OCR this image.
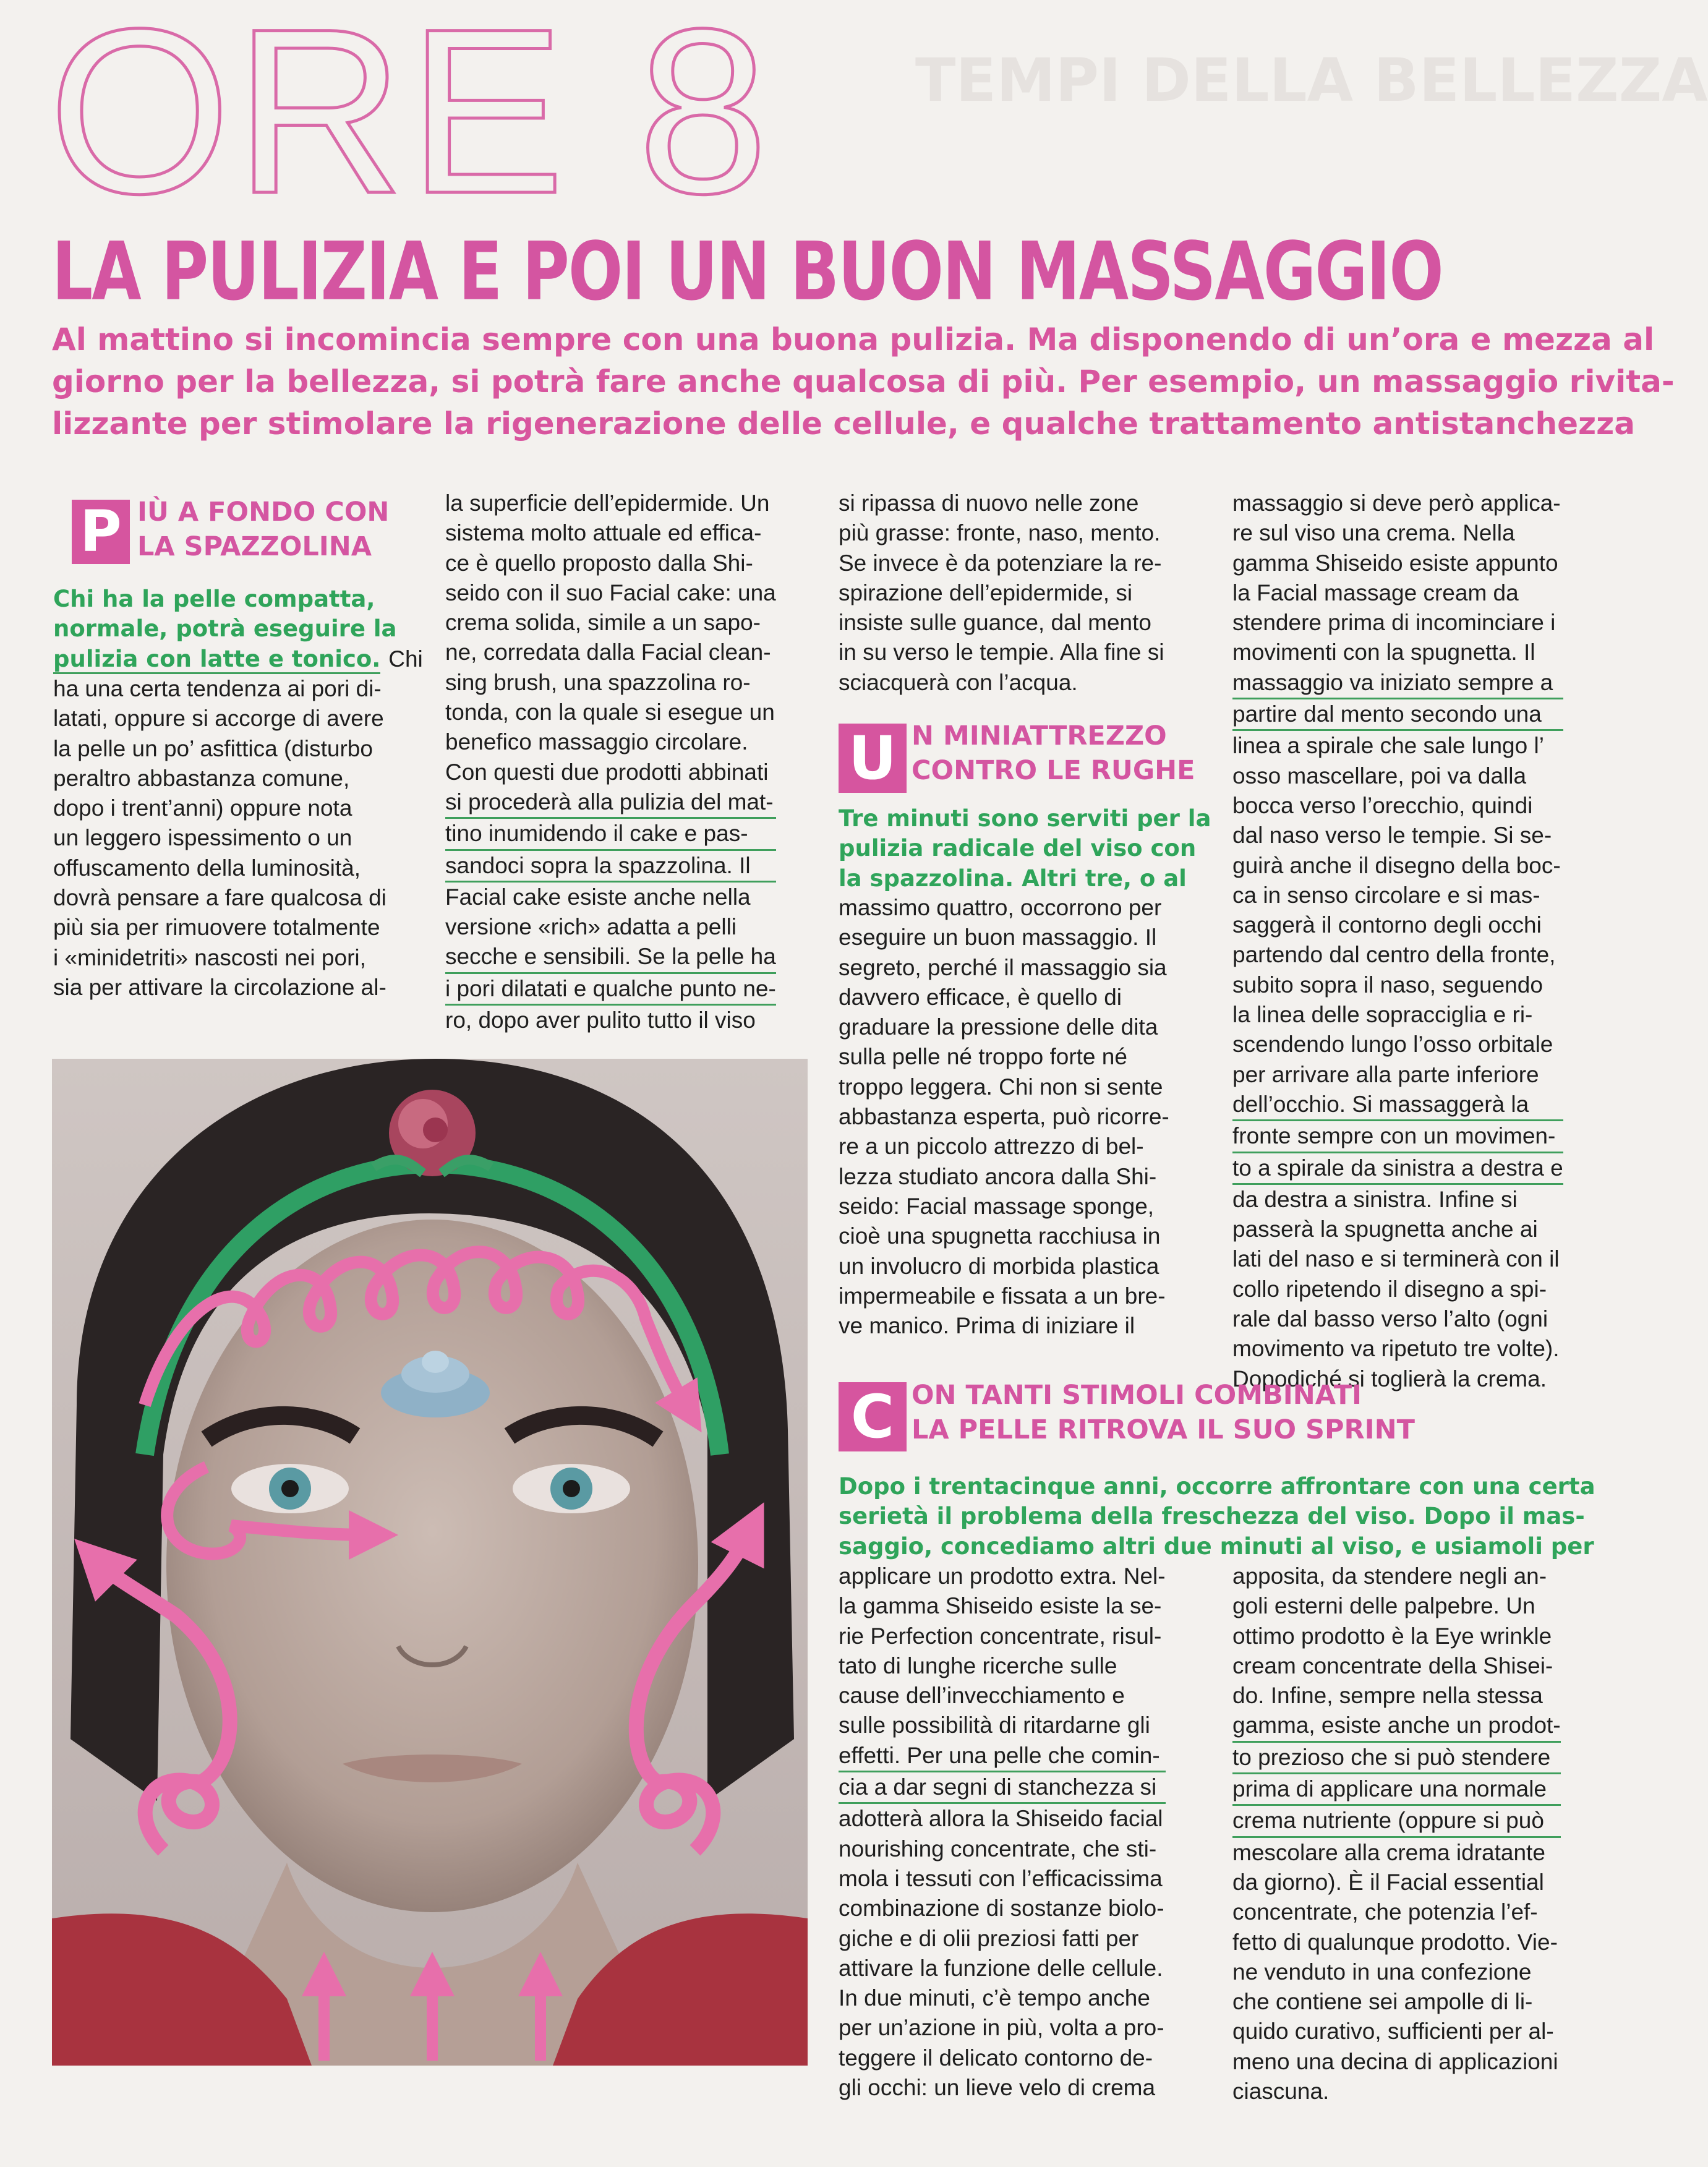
ORE 8 TEMPI DELLA BELLEZZA
LA PULIZIA E POI UN BUON MASSAGGIO
Al mattino si incomincia sempre con una buona pulizia. Ma disponendo di un’ora e mezza al
giorno per la bellezza, si potrà fare anche qualcosa di più. Per esempio, un massaggio rivita-
lizzante per stimolare la rigenerazione delle cellule, e qualche trattamento antistanchezza
P IÙ A FONDO CON
LA SPAZZOLINA
Chi ha la pelle compatta,
normale, potrà eseguire la
pulizia con latte e tonico. Chi
ha una certa tendenza ai pori di-
latati, oppure si accorge di avere
la pelle un po’ asfittica (disturbo
peraltro abbastanza comune,
dopo i trent’anni) oppure nota
un leggero ispessimento o un
offuscamento della luminosità,
dovrà pensare a fare qualcosa di
più sia per rimuovere totalmente
i «minidetriti» nascosti nei pori,
sia per attivare la circolazione al-
la superficie dell’epidermide. Un
sistema molto attuale ed effica-
ce è quello proposto dalla Shi-
seido con il suo Facial cake: una
crema solida, simile a un sapo-
ne, corredata dalla Facial clean-
sing brush, una spazzolina ro-
tonda, con la quale si esegue un
benefico massaggio circolare.
Con questi due prodotti abbinati
si procederà alla pulizia del mat-
tino inumidendo il cake e pas-
sandoci sopra la spazzolina. Il
Facial cake esiste anche nella
versione «rich» adatta a pelli
secche e sensibili. Se la pelle ha
i pori dilatati e qualche punto ne-
ro, dopo aver pulito tutto il viso
si ripassa di nuovo nelle zone
più grasse: fronte, naso, mento.
Se invece è da potenziare la re-
spirazione dell’epidermide, si
insiste sulle guance, dal mento
in su verso le tempie. Alla fine si
sciacquerà con l’acqua.
U N MINIATTREZZO
CONTRO LE RUGHE
Tre minuti sono serviti per la
pulizia radicale del viso con
la spazzolina. Altri tre, o al
massimo quattro, occorrono per
eseguire un buon massaggio. Il
segreto, perché il massaggio sia
davvero efficace, è quello di
graduare la pressione delle dita
sulla pelle né troppo forte né
troppo leggera. Chi non si sente
abbastanza esperta, può ricorre-
re a un piccolo attrezzo di bel-
lezza studiato ancora dalla Shi-
seido: Facial massage sponge,
cioè una spugnetta racchiusa in
un involucro di morbida plastica
impermeabile e fissata a un bre-
ve manico. Prima di iniziare il
massaggio si deve però applica-
re sul viso una crema. Nella
gamma Shiseido esiste appunto
la Facial massage cream da
stendere prima di incominciare i
movimenti con la spugnetta. Il
massaggio va iniziato sempre a
partire dal mento secondo una
linea a spirale che sale lungo l’
osso mascellare, poi va dalla
bocca verso l’orecchio, quindi
dal naso verso le tempie. Si se-
guirà anche il disegno della boc-
ca in senso circolare e si mas-
saggerà il contorno degli occhi
partendo dal centro della fronte,
subito sopra il naso, seguendo
la linea delle sopracciglia e ri-
scendendo lungo l’osso orbitale
per arrivare alla parte inferiore
dell’occhio. Si massaggerà la
fronte sempre con un movimen-
to a spirale da sinistra a destra e
da destra a sinistra. Infine si
passerà la spugnetta anche ai
lati del naso e si terminerà con il
collo ripetendo il disegno a spi-
rale dal basso verso l’alto (ogni
movimento va ripetuto tre volte).
Dopodiché si toglierà la crema.
C ON TANTI STIMOLI COMBINATI
LA PELLE RITROVA IL SUO SPRINT
Dopo i trentacinque anni, occorre affrontare con una certa
serietà il problema della freschezza del viso. Dopo il mas-
saggio, concediamo altri due minuti al viso, e usiamoli per
applicare un prodotto extra. Nel-
la gamma Shiseido esiste la se-
rie Perfection concentrate, risul-
tato di lunghe ricerche sulle
cause dell’invecchiamento e
sulle possibilità di ritardarne gli
effetti. Per una pelle che comin-
cia a dar segni di stanchezza si
adotterà allora la Shiseido facial
nourishing concentrate, che sti-
mola i tessuti con l’efficacissima
combinazione di sostanze biolo-
giche e di olii preziosi fatti per
attivare la funzione delle cellule.
In due minuti, c’è tempo anche
per un’azione in più, volta a pro-
teggere il delicato contorno de-
gli occhi: un lieve velo di crema
apposita, da stendere negli an-
goli esterni delle palpebre. Un
ottimo prodotto è la Eye wrinkle
cream concentrate della Shisei-
do. Infine, sempre nella stessa
gamma, esiste anche un prodot-
to prezioso che si può stendere
prima di applicare una normale
crema nutriente (oppure si può
mescolare alla crema idratante
da giorno). È il Facial essential
concentrate, che potenzia l’ef-
fetto di qualunque prodotto. Vie-
ne venduto in una confezione
che contiene sei ampolle di li-
quido curativo, sufficienti per al-
meno una decina di applicazioni
ciascuna.
